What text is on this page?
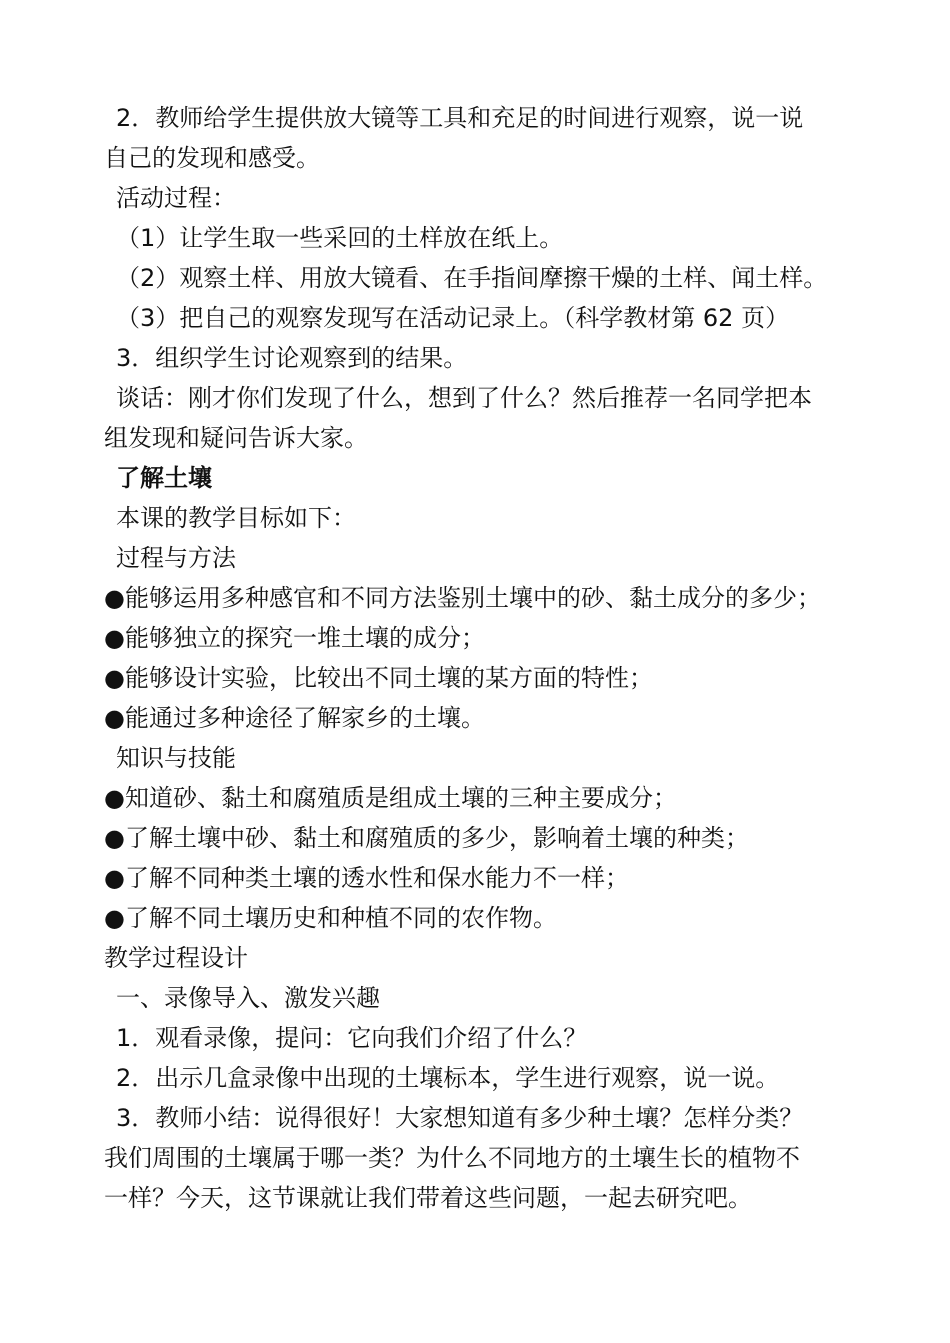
2．教师给学生提供放大镜等工具和充足的时间进行观察，说一说
自己的发现和感受。
活动过程：
（1）让学生取一些采回的土样放在纸上。
（2）观察土样、用放大镜看、在手指间摩擦干燥的土样、闻土样。
（3）把自己的观察发现写在活动记录上。（科学教材第 62 页）
3．组织学生讨论观察到的结果。
谈话：刚才你们发现了什么，想到了什么？然后推荐一名同学把本
组发现和疑问告诉大家。
了解土壤
本课的教学目标如下：
过程与方法
●能够运用多种感官和不同方法鉴别土壤中的砂、黏土成分的多少；
●能够独立的探究一堆土壤的成分；
●能够设计实验，比较出不同土壤的某方面的特性；
●能通过多种途径了解家乡的土壤。
知识与技能
●知道砂、黏土和腐殖质是组成土壤的三种主要成分；
●了解土壤中砂、黏土和腐殖质的多少，影响着土壤的种类；
●了解不同种类土壤的透水性和保水能力不一样；
●了解不同土壤历史和种植不同的农作物。
教学过程设计
一、录像导入、激发兴趣
1．观看录像，提问：它向我们介绍了什么？
2．出示几盒录像中出现的土壤标本，学生进行观察，说一说。
3．教师小结：说得很好！大家想知道有多少种土壤？怎样分类？
我们周围的土壤属于哪一类？为什么不同地方的土壤生长的植物不
一样？今天，这节课就让我们带着这些问题，一起去研究吧。
